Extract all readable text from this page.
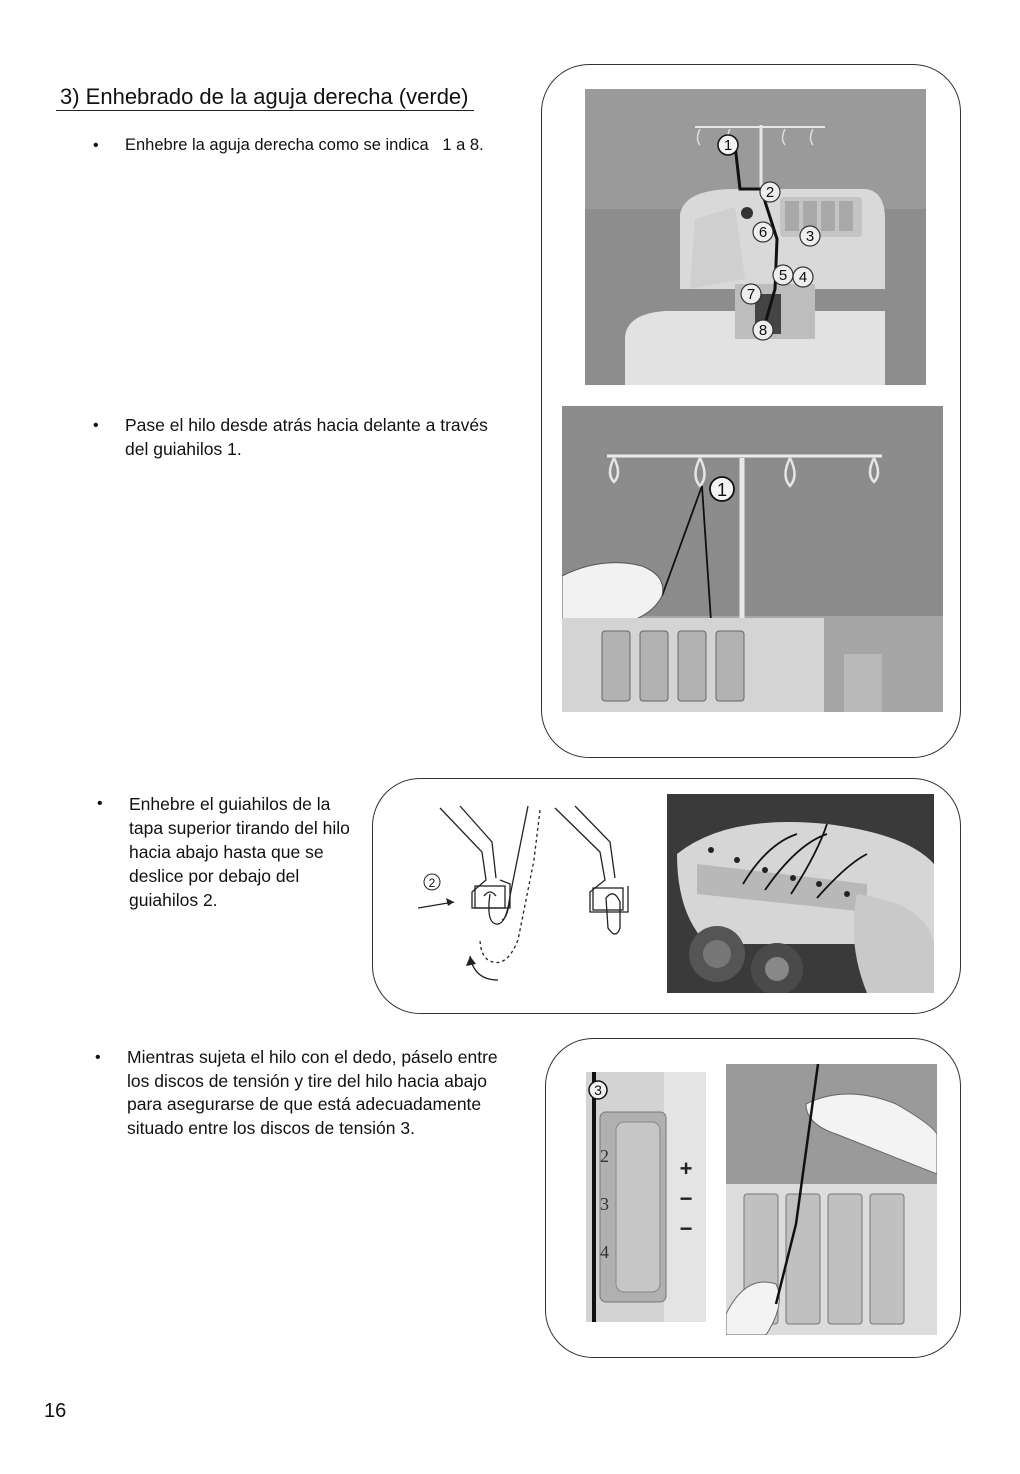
3) Enhebrado de la aguja derecha (verde)
• Enhebre la aguja derecha como se indica   1 a 8.
• Pase el hilo desde atrás hacia delante a través del guiahilos 1.
• Enhebre el guiahilos de la tapa superior tirando del hilo hacia abajo hasta que se deslice por debajo del guiahilos 2.
• Mientras sujeta el hilo con el dedo, páselo entre los discos de tensión y tire del hilo hacia abajo para asegurarse de que está adecuadamente situado entre los discos de tensión 3.
1
2
6	3
5 4
7
8
1
2
2
3
4
+
−
−
3
16
